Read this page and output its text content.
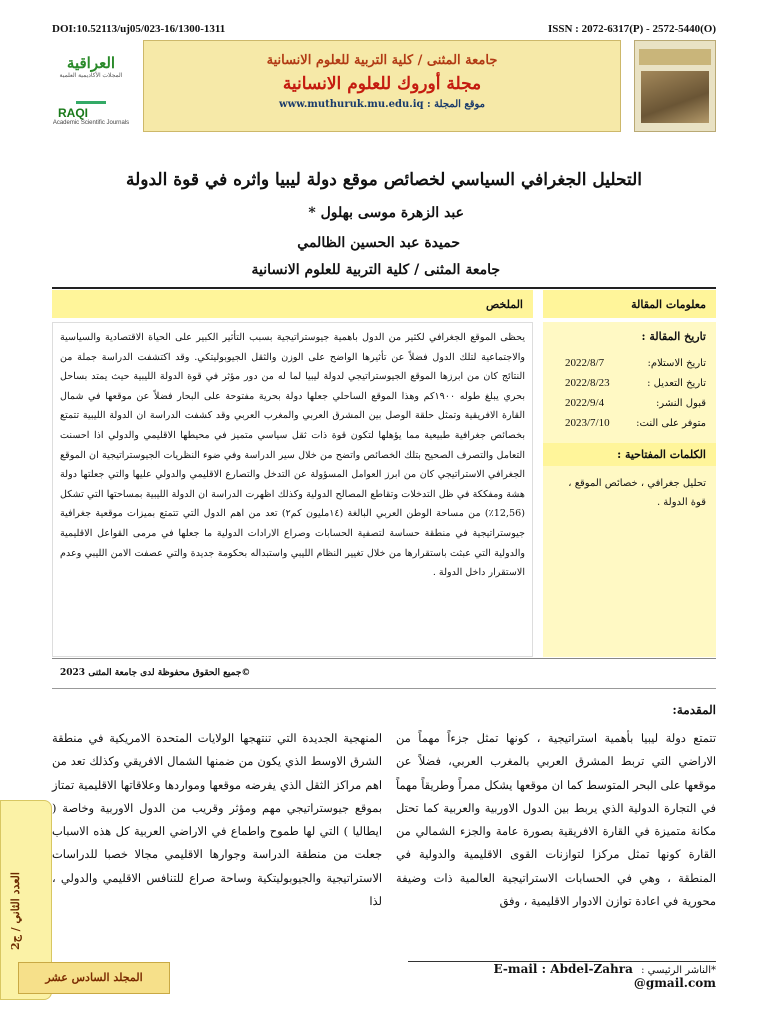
DOI:10.52113/uj05/023-16/1300-1311	ISSN : 2072-6317(P) - 2572-5440(O)
العراقية
المجلات الأكاديمية العلمية
RAQI
Academic Scientific Journals
جامعة المثنى / كلية التربية للعلوم الانسانية
مجلة أوروك للعلوم الانسانية
www.muthuruk.mu.edu.iq : موقع المجلة
التحليل الجغرافي السياسي لخصائص موقع دولة ليبيا واثره في قوة الدولة
عبد الزهرة موسى بهلول *
حميدة عبد الحسين الظالمي
جامعة المثنى / كلية التربية للعلوم الانسانية
الملخص	معلومات المقالة
تاريخ المقالة :
تاريخ الاستلام:
2022/8/7
تاريخ التعديل :
2022/8/23
قبول النشر:
2022/9/4
متوفر على النت:
2023/7/10
الكلمات المفتاحية :
تحليل جغرافي ، خصائص الموقع ، قوة الدولة .
يحظى الموقع الجغرافي لكثير من الدول باهمية جيوستراتيجية بسبب التأثير الكبير على الحياة الاقتصادية والسياسية والاجتماعية لتلك الدول فضلاً عن تأثيرها الواضح على الوزن والثقل الجيوبوليتكي. وقد اكتشفت الدراسة جملة من النتائج كان من ابرزها الموقع الجيوستراتيجي لدولة ليبيا لما له من دور مؤثر في قوة الدولة الليبية حيث يمتد بساحل بحري يبلغ طوله ١٩٠٠كم وهذا الموقع الساحلي جعلها دولة بحرية مفتوحة على البحار فضلاً عن موقعها في شمال القارة الافريقية وتمثل حلقة الوصل بين المشرق العربي والمغرب العربي وقد كشفت الدراسة ان الدولة الليبية تتمتع بخصائص جغرافية طبيعية مما يؤهلها لتكون قوة ذات ثقل سياسي متميز في محيطها الاقليمي والدولي اذا احسنت التعامل والتصرف الصحيح بتلك الخصائص واتضح من خلال سير الدراسة وفي ضوء النظريات الجيوستراتيجية ان الموقع الجغرافي الاستراتيجي كان من ابرز العوامل المسؤولة عن التدخل والتصارع الاقليمي والدولي عليها والتي جعلتها دولة هشة ومفككة في ظل التدخلات وتقاطع المصالح الدولية وكذلك اظهرت الدراسة ان الدولة الليبية بمساحتها التي تشكل (12,56٪) من مساحة الوطن العربي البالغة (١٤مليون كم٢) تعد من اهم الدول التي تتمتع بميزات موقعية جغرافية جيوستراتيجية في منطقة حساسة لتصفية الحسابات وصراع الارادات الدولية ما جعلها في مرمى القواعل الاقليمية والدولية التي عبثت باستقرارها من خلال تغيير النظام الليبي واستبداله بحكومة جديدة والتي عصفت الامن الليبي وعدم الاستقرار داخل الدولة .
©جميع الحقوق محفوظة لدى جامعة المثنى 2023
المقدمة:
تتمتع دولة ليبيا بأهمية استراتيجية ، كونها تمثل جزءاً مهماً من الاراضي التي تربط المشرق العربي بالمغرب العربي، فضلاً عن موقعها على البحر المتوسط كما ان موقعها يشكل ممراً وطريقاً مهماً في التجارة الدولية الذي يربط بين الدول الاوربية والعربية كما تحتل مكانة متميزة في القارة الافريقية بصورة عامة والجزء الشمالي من القارة كونها تمثل مركزا لتوازنات القوى الاقليمية والدولية في المنطقة ، وهي في الحسابات الاستراتيجية العالمية ذات وضيفة محورية في اعادة توازن الادوار الاقليمية ، وفق
المنهجية الجديدة التي تنتهجها الولايات المتحدة الامريكية في منطقة الشرق الاوسط الذي يكون من ضمنها الشمال الافريقي وكذلك تعد من اهم مراكز الثقل الذي يفرضه موقعها ومواردها وعلاقاتها الاقليمية تمتاز بموقع جيوستراتيجي مهم ومؤثر وقريب من الدول الاوربية وخاصة ( ايطاليا ) التي لها طموح واطماع في الاراضي العربية كل هذه الاسباب جعلت من منطقة الدراسة وجوارها الاقليمي مجالا خصبا للدراسات الاستراتيجية والجيوبوليتكية وساحة صراع للتنافس الاقليمي والدولي ، لذا
*الناشر الرئيسي : E-mail : Abdel-Zahra @gmail.com
العدد الثاني / ج2
المجلد السادس عشر
